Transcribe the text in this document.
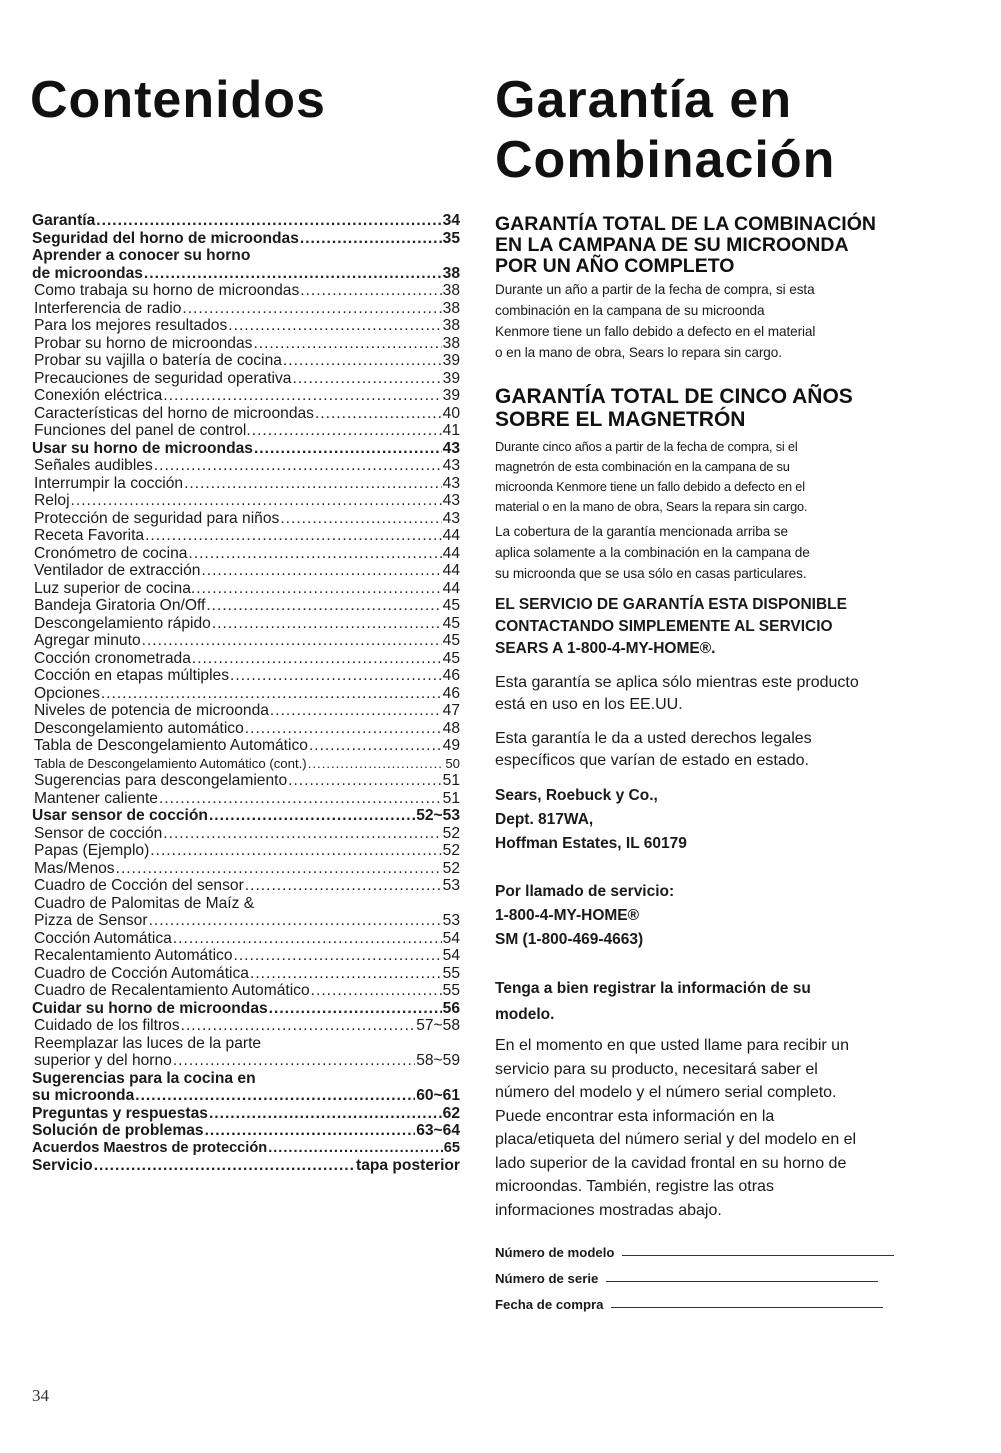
Contenidos	Garantía en
Combinación
Garantía .....	34
Seguridad del horno de microondas .....	35
Aprender a conocer su horno
de microondas .....	38
Como trabaja su horno de microondas .....	38
Interferencia de radio .....	38
Para los mejores resultados .....	38
Probar su horno de microondas .....	38
Probar su vajilla o batería de cocina .....	39
Precauciones de seguridad operativa .....	39
Conexión eléctrica .....	39
Características del horno de microondas .....	40
Funciones del panel de control. .....	41
Usar su horno de microondas .....	43
Señales audibles .....	43
Interrumpir la cocción .....	43
Reloj .....	43
Protección de seguridad para niños .....	43
Receta Favorita .....	44
Cronómetro de cocina .....	44
Ventilador de extracción .....	44
Luz superior de cocina. .....	44
Bandeja Giratoria On/Off .....	45
Descongelamiento rápido .....	45
Agregar minuto .....	45
Cocción cronometrada .....	45
Cocción en etapas múltiples .....	46
Opciones .....	46
Niveles de potencia de microonda .....	47
Descongelamiento automático .....	48
Tabla de Descongelamiento Automático .....	49
Tabla de Descongelamiento Automático (cont.) .....	50
Sugerencias para descongelamiento .....	51
Mantener caliente .....	51
Usar sensor de cocción .....	52~53
Sensor de cocción .....	52
Papas (Ejemplo) .....	52
Mas/Menos .....	52
Cuadro de Cocción del sensor .....	53
Cuadro de Palomitas de Maíz &
Pizza de Sensor .....	53
Cocción Automática .....	54
Recalentamiento Automático .....	54
Cuadro de Cocción Automática .....	55
Cuadro de Recalentamiento Automático .....	55
Cuidar su horno de microondas .....	56
Cuidado de los filtros .....	57~58
Reemplazar las luces de la parte
superior y del horno .....	58~59
Sugerencias para la cocina en
su microonda .....	60~61
Preguntas y respuestas .....	62
Solución de problemas .....	63~64
Acuerdos Maestros de protección .....	65
Servicio .....	tapa posterior
GARANTÍA TOTAL DE LA COMBINACIÓN
EN LA CAMPANA DE SU MICROONDA
POR UN AÑO COMPLETO

Durante un año a partir de la fecha de compra, si esta
combinación en la campana de su microonda
Kenmore tiene un fallo debido a defecto en el material
o en la mano de obra, Sears lo repara sin cargo.

GARANTÍA TOTAL DE CINCO AÑOS
SOBRE EL MAGNETRÓN

Durante cinco años a partir de la fecha de compra, si el
magnetrón de esta combinación en la campana de su
microonda Kenmore tiene un fallo debido a defecto en el
material o en la mano de obra, Sears la repara sin cargo.

La cobertura de la garantía mencionada arriba se
aplica solamente a la combinación en la campana de
su microonda que se usa sólo en casas particulares.

EL SERVICIO DE GARANTÍA ESTA DISPONIBLE
CONTACTANDO SIMPLEMENTE AL SERVICIO
SEARS A 1-800-4-MY-HOME®.

Esta garantía se aplica sólo mientras este producto
está en uso en los EE.UU.

Esta garantía le da a usted derechos legales
específicos que varían de estado en estado.

Sears, Roebuck y Co.,
Dept. 817WA,
Hoffman Estates, IL 60179

Por llamado de servicio:
1-800-4-MY-HOME®
SM (1-800-469-4663)

Tenga a bien registrar la información de su
modelo.

En el momento en que usted llame para recibir un
servicio para su producto, necesitará saber el
número del modelo y el número serial completo.
Puede encontrar esta información en la
placa/etiqueta del número serial y del modelo en el
lado superior de la cavidad frontal en su horno de
microondas. También, registre las otras
informaciones mostradas abajo.

Número de modelo
Número de serie
Fecha de compra
34
